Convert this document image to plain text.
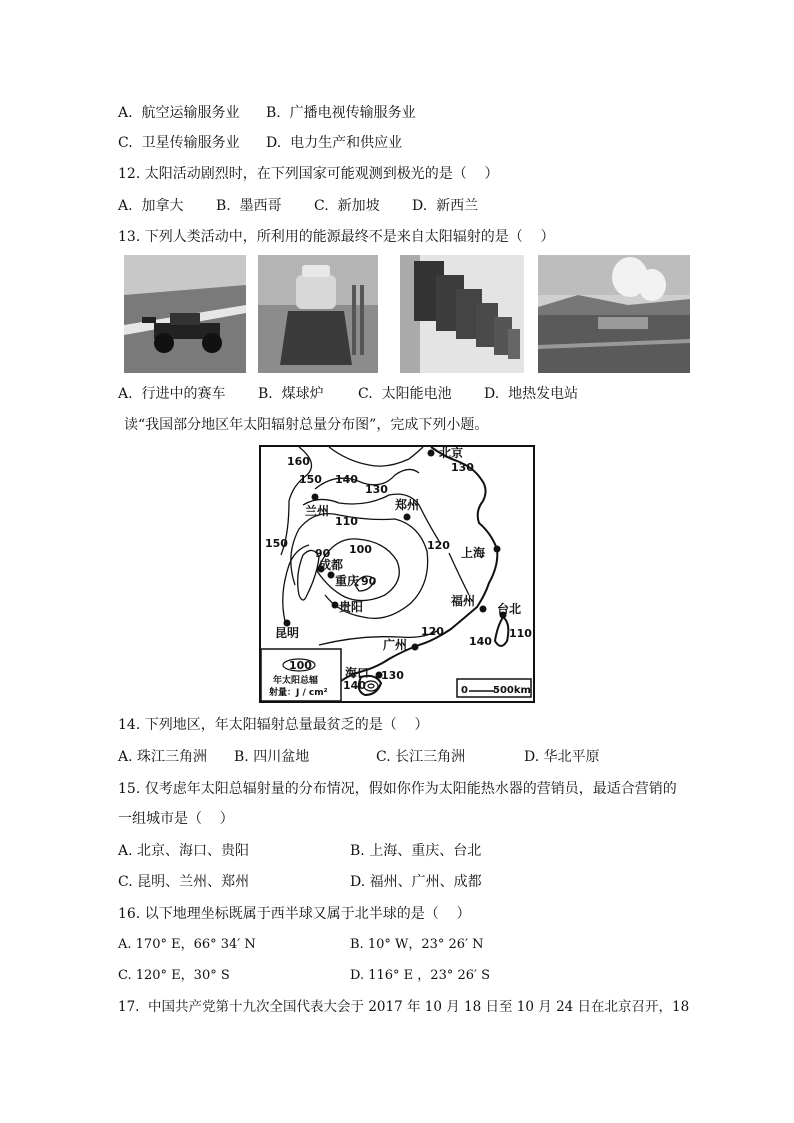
A.  航空运输服务业 B.  广播电视传输服务业
C.  卫星传输服务业 D.  电力生产和供应业
12. 太阳活动剧烈时，在下列国家可能观测到极光的是（    ）
A.  加拿大 B.  墨西哥 C.  新加坡 D.  新西兰
13. 下列人类活动中，所利用的能源最终不是来自太阳辐射的是（    ）
A.  行进中的赛车 B.  煤球炉 C.  太阳能电池 D.  地热发电站
读“我国部分地区年太阳辐射总量分布图”，完成下列小题。
100
年太阳总辐
射量：J / cm²	0	500km
北京
兰州	郑州
成都
重庆
贵阳
昆明
上海
福州
台北
广州
海口
160
150 140
130
130
110
100
90
90
150	120
120
140
110
130
140
14. 下列地区，年太阳辐射总量最贫乏的是（    ）
A. 珠江三角洲 B. 四川盆地	C. 长江三角洲	D. 华北平原
15. 仅考虑年太阳总辐射量的分布情况，假如你作为太阳能热水器的营销员，最适合营销的
一组城市是（    ）
A. 北京、海口、贵阳	B. 上海、重庆、台北
C. 昆明、兰州、郑州	D. 福州、广州、成都
16. 以下地理坐标既属于西半球又属于北半球的是（    ）
A. 170° E，66° 34′ N	B. 10° W，23° 26′ N
C. 120° E，30° S	D. 116° E ，23° 26′ S
17.  中国共产党第十九次全国代表大会于 2017 年 10 月 18 日至 10 月 24 日在北京召开，18
